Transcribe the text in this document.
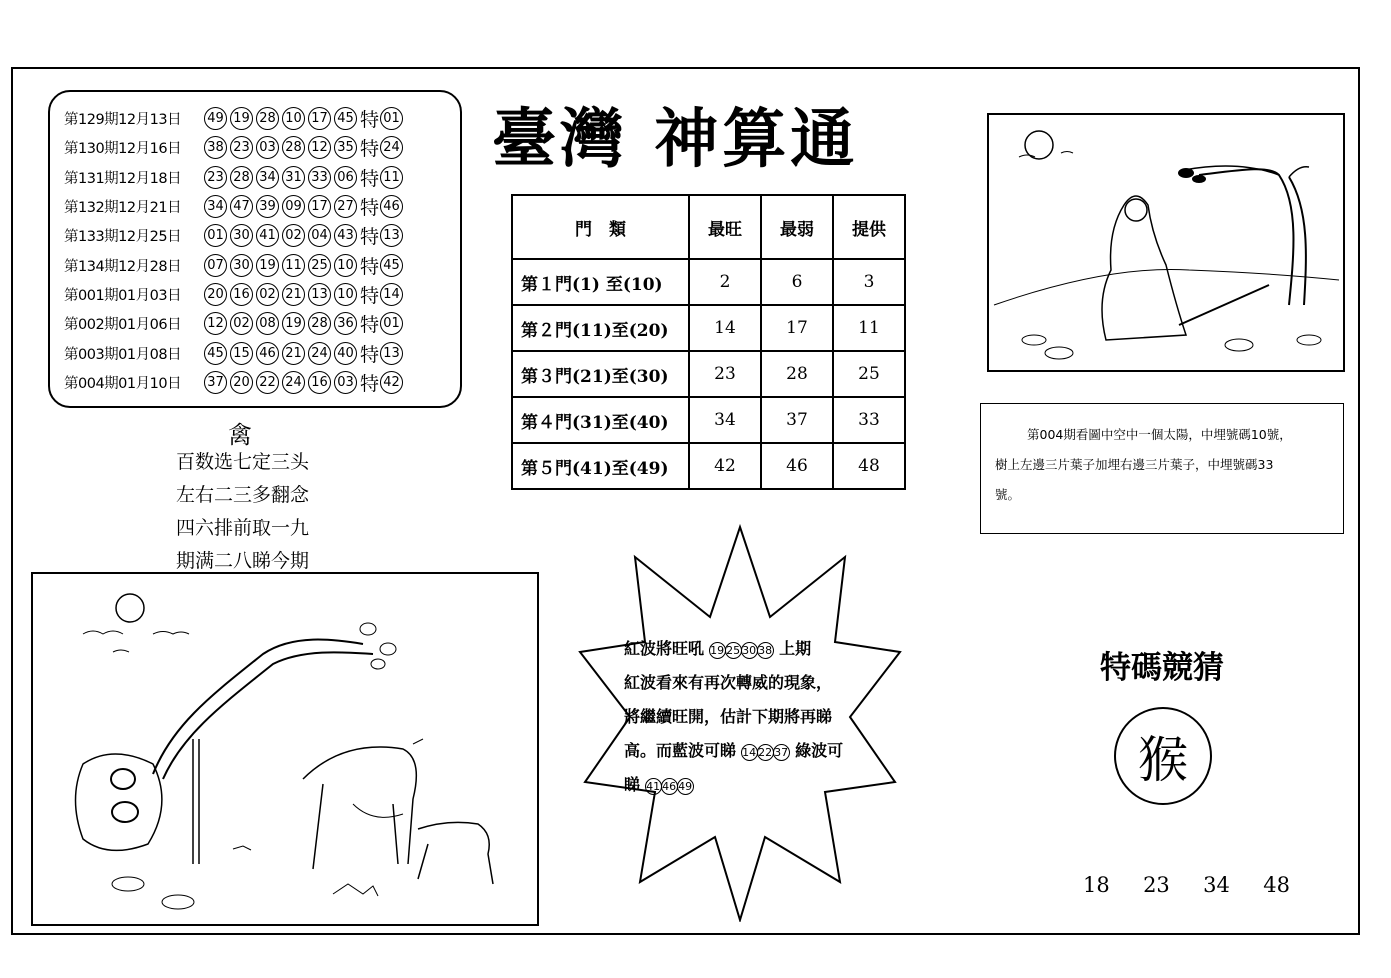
第129期12月13日	49 19 28 10 17 45 特 01
第130期12月16日	38 23 03 28 12 35 特 24
第131期12月18日	23 28 34 31 33 06 特 11
第132期12月21日	34 47 39 09 17 27 特 46
第133期12月25日	01 30 41 02 04 43 特 13
第134期12月28日	07 30 19 11 25 10 特 45
第001期01月03日	20 16 02 21 13 10 特 14
第002期01月06日	12 02 08 19 28 36 特 01
第003期01月08日	45 15 46 21 24 40 特 13
第004期01月10日	37 20 22 24 16 03 特 42
禽
百数选七定三头
左右二三多翻念
四六排前取一九
期满二八睇今期
臺灣 神算通
門　類	最旺	最弱	提供
第１門(1) 至(10)	2	6	3
第２門(11)至(20)	14	17	11
第３門(21)至(30)	23	28	25
第４門(31)至(40)	34	37	33
第５門(41)至(49)	42	46	48
第004期看圖中空中一個太陽，中埋號碼10號，
樹上左邊三片葉子加埋右邊三片葉子，中埋號碼33
號。
紅波將旺吼 19 25 30 38 上期
紅波看來有再次轉威的現象，
將繼續旺開，估計下期將再睇
高。而藍波可睇 14 22 37 綠波可
睇 41 46 49
特碼競猜
猴
18  23  34  48
